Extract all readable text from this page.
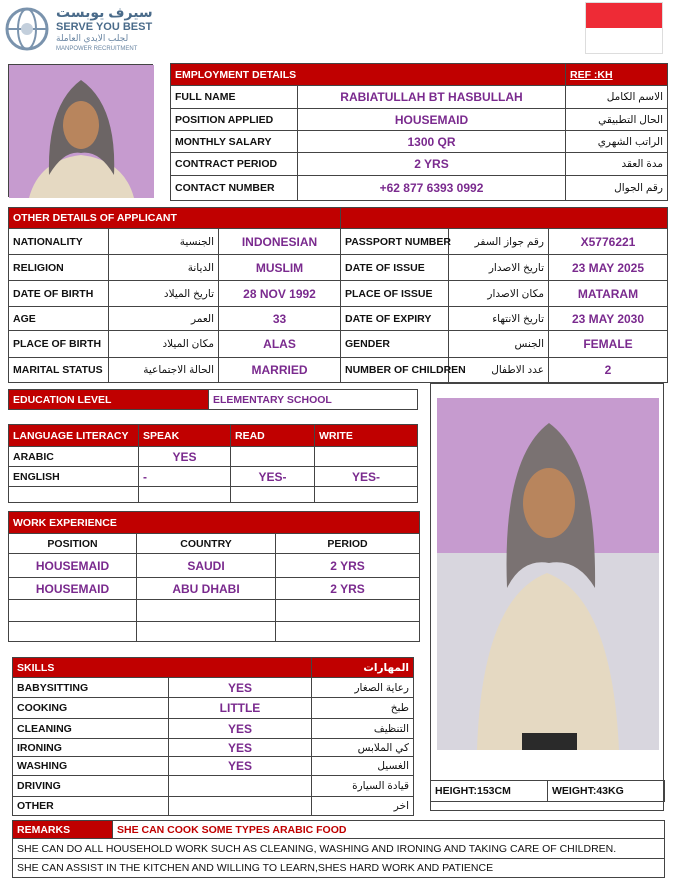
سيرف يوبست
SERVE YOU BEST
لجلب الايدي العاملة
MANPOWER RECRUITMENT
EMPLOYMENT DETAILS		REF :KH
FULL NAME	RABIATULLAH BT HASBULLAH	الاسم الكامل
POSITION APPLIED	HOUSEMAID	الحال التطبيقي
MONTHLY SALARY	1300 QR	الراتب الشهري
CONTRACT PERIOD	2 YRS	مدة العقد
CONTACT NUMBER	+62 877 6393 0992	رقم الجوال
OTHER DETAILS OF APPLICANT					
NATIONALITY	الجنسية	INDONESIAN	PASSPORT NUMBER	رقم جواز السفر	X5776221
RELIGION	الديانة	MUSLIM	DATE OF ISSUE	تاريخ الاصدار	23 MAY 2025
DATE OF BIRTH	تاريخ الميلاد	28 NOV 1992	PLACE OF ISSUE	مكان الاصدار	MATARAM
AGE	العمر	33	DATE OF EXPIRY	تاريخ الانتهاء	23 MAY 2030
PLACE OF BIRTH	مكان الميلاد	ALAS	GENDER	الجنس	FEMALE
MARITAL STATUS	الحالة الاجتماعية	MARRIED	NUMBER OF CHILDREN	عدد الاطفال	2
EDUCATION LEVEL	ELEMENTARY SCHOOL
LANGUAGE LITERACY	SPEAK	READ	WRITE
ARABIC	YES		
ENGLISH	-	YES-	YES-

WORK EXPERIENCE		
POSITION	COUNTRY	PERIOD
HOUSEMAID	SAUDI	2 YRS
HOUSEMAID	ABU DHABI	2 YRS

SKILLS		المهارات
BABYSITTING	YES	رعاية الصغار
COOKING	LITTLE	طبخ
CLEANING	YES	التنظيف
IRONING	YES	كي الملابس
WASHING	YES	الغسيل
DRIVING		قيادة السيارة
OTHER		اخر
HEIGHT:153CM	WEIGHT:43KG
REMARKS	SHE CAN COOK SOME TYPES ARABIC FOOD
SHE CAN DO ALL HOUSEHOLD WORK SUCH AS CLEANING, WASHING AND IRONING AND TAKING CARE OF CHILDREN.
SHE CAN ASSIST IN THE KITCHEN AND WILLING TO LEARN,SHES HARD WORK AND PATIENCE
